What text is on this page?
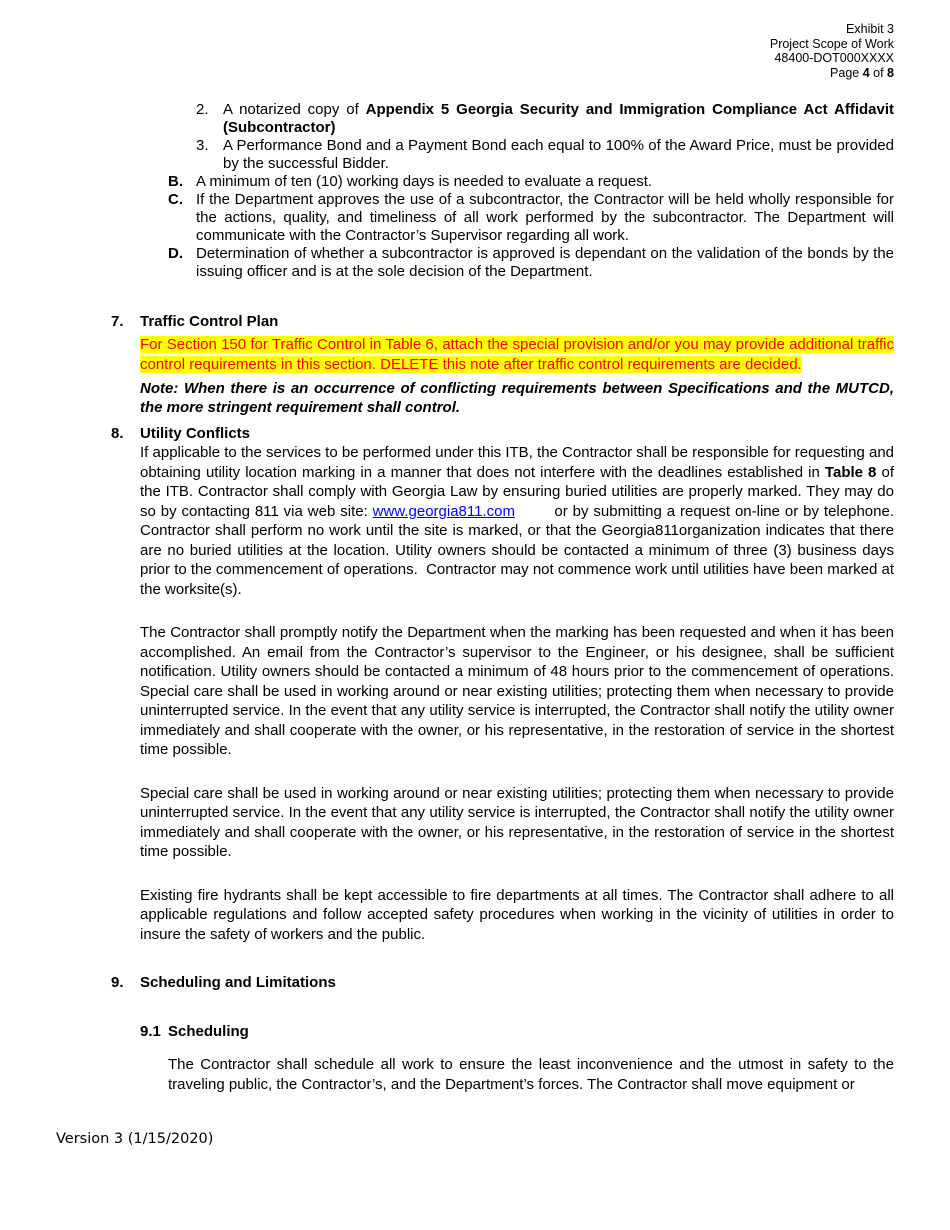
Exhibit 3
Project Scope of Work
48400-DOT000XXXX
Page 4 of 8
2. A notarized copy of Appendix 5 Georgia Security and Immigration Compliance Act Affidavit (Subcontractor)
3. A Performance Bond and a Payment Bond each equal to 100% of the Award Price, must be provided by the successful Bidder.
B. A minimum of ten (10) working days is needed to evaluate a request.
C. If the Department approves the use of a subcontractor, the Contractor will be held wholly responsible for the actions, quality, and timeliness of all work performed by the subcontractor. The Department will communicate with the Contractor’s Supervisor regarding all work.
D. Determination of whether a subcontractor is approved is dependant on the validation of the bonds by the issuing officer and is at the sole decision of the Department.
7.	Traffic Control Plan
For Section 150 for Traffic Control in Table 6, attach the special provision and/or you may provide additional traffic control requirements in this section. DELETE this note after traffic control requirements are decided.
Note: When there is an occurrence of conflicting requirements between Specifications and the MUTCD, the more stringent requirement shall control.
8.	Utility Conflicts
If applicable to the services to be performed under this ITB, the Contractor shall be responsible for requesting and obtaining utility location marking in a manner that does not interfere with the deadlines established in Table 8 of the ITB. Contractor shall comply with Georgia Law by ensuring buried utilities are properly marked. They may do so by contacting 811 via web site: www.georgia811.com        or by submitting a request on-line or by telephone. Contractor shall perform no work until the site is marked, or that the Georgia811organization indicates that there are no buried utilities at the location. Utility owners should be contacted a minimum of three (3) business days prior to the commencement of operations.  Contractor may not commence work until utilities have been marked at the worksite(s).
The Contractor shall promptly notify the Department when the marking has been requested and when it has been accomplished. An email from the Contractor’s supervisor to the Engineer, or his designee, shall be sufficient notification. Utility owners should be contacted a minimum of 48 hours prior to the commencement of operations. Special care shall be used in working around or near existing utilities; protecting them when necessary to provide uninterrupted service. In the event that any utility service is interrupted, the Contractor shall notify the utility owner immediately and shall cooperate with the owner, or his representative, in the restoration of service in the shortest time possible.
Special care shall be used in working around or near existing utilities; protecting them when necessary to provide uninterrupted service. In the event that any utility service is interrupted, the Contractor shall notify the utility owner immediately and shall cooperate with the owner, or his representative, in the restoration of service in the shortest time possible.
Existing fire hydrants shall be kept accessible to fire departments at all times. The Contractor shall adhere to all applicable regulations and follow accepted safety procedures when working in the vicinity of utilities in order to insure the safety of workers and the public.
9.	Scheduling and Limitations
9.1 Scheduling
The Contractor shall schedule all work to ensure the least inconvenience and the utmost in safety to the traveling public, the Contractor’s, and the Department’s forces. The Contractor shall move equipment or
Version 3 (1/15/2020)
